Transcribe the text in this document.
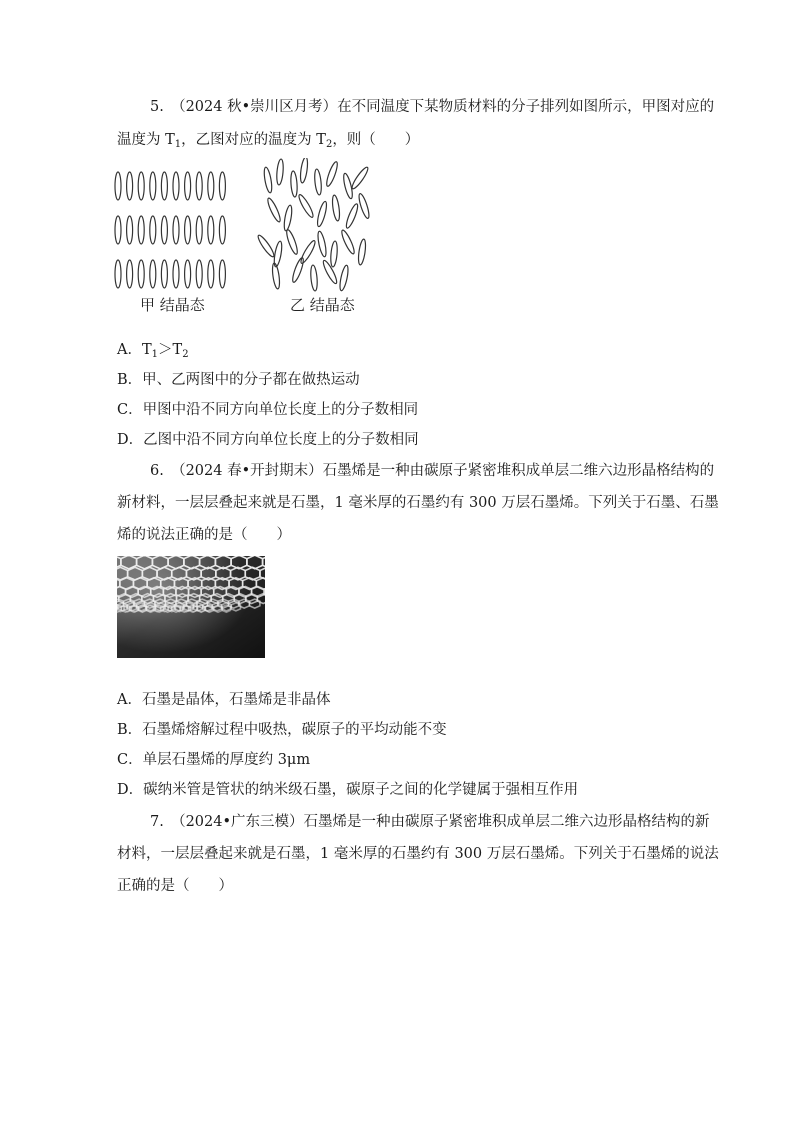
5.　（2024 秋•崇川区月考）在不同温度下某物质材料的分子排列如图所示，甲图对应的
温度为 $T_1$，乙图对应的温度为 $T_2$，则（　　）
甲 结晶态	乙 结晶态
A．$T_1>T_2$
B．甲、乙两图中的分子都在做热运动
C．甲图中沿不同方向单位长度上的分子数相同
D．乙图中沿不同方向单位长度上的分子数相同
6.　（2024 春•开封期末）石墨烯是一种由碳原子紧密堆积成单层二维六边形晶格结构的
新材料，一层层叠起来就是石墨，1 毫米厚的石墨约有 300 万层石墨烯。下列关于石墨、石墨
烯的说法正确的是（　　）
A．石墨是晶体，石墨烯是非晶体
B．石墨烯熔解过程中吸热，碳原子的平均动能不变
C．单层石墨烯的厚度约 3μm
D．碳纳米管是管状的纳米级石墨，碳原子之间的化学键属于强相互作用
7.　（2024•广东三模）石墨烯是一种由碳原子紧密堆积成单层二维六边形晶格结构的新
材料，一层层叠起来就是石墨，1 毫米厚的石墨约有 300 万层石墨烯。下列关于石墨烯的说法
正确的是（　　）
